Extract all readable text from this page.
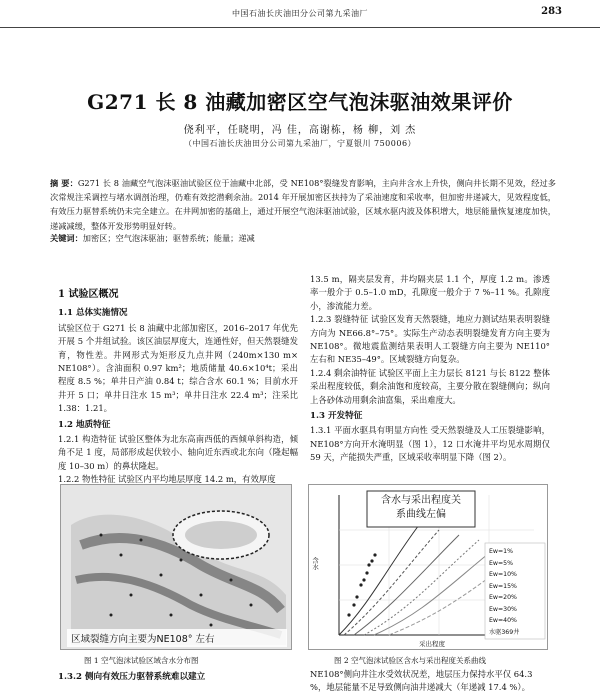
中国石油长庆油田分公司第九采油厂	283
G271 长 8 油藏加密区空气泡沫驱油效果评价
侥利平，任晓明，冯 佳，高谢栋，杨 柳，刘 杰
（中国石油长庆油田分公司第九采油厂，宁夏银川 750006）
摘 要：G271 长 8 油藏空气泡沫驱油试验区位于油藏中北部，受 NE108°裂缝发育影响，主向井含水上升快，侧向井长期不见效，经过多次常规注采调控与堵水调剖治理，仍难有效挖潜剩余油。2014 年开展加密区扶持为了采油速度和采收率，但加密井递减大，见效程度低，有效压力驱替系统仍未完全建立。在井网加密的基础上，通过开展空气泡沫驱油试验，区域水驱内波及体积增大，地层能量恢复速度加快，递减减缓，整体开发形势明显好转。
关键词：加密区；空气泡沫驱油；驱替系统；能量；递减
1 试验区概况
1.1 总体实施情况

试验区位于 G271 长 8 油藏中北部加密区，2016–2017 年优先开展 5 个井组试验。该区油层厚度大，连通性好，但天然裂缝发育，物性差。井网形式为矩形反九点井网（240m×130 m× NE108°）。含油面积 0.97 km²；地质储量 40.6×10⁴t；采出程度 8.5 %；单井日产油 0.84 t；综合含水 60.1 %；目前水开井开 5 口；单井日注水 15 m³；单井日注水 22.4 m³；注采比 1.38：1.21。

1.2 地质特征

1.2.1 构造特征 试验区整体为北东高南西低的西倾单斜构造，倾角不足 1 度，局部形成起伏较小、轴向近东西或北东向（隆起幅度 10–30 m）的鼻状隆起。

1.2.2 物性特征 试验区内平均地层厚度 14.2 m，有效厚度

13.5 m，隔夹层发育，井均隔夹层 1.1 个，厚度 1.2 m。渗透率一般介于 0.5–1.0 mD，孔隙度一般介于 7 %–11 %。孔隙度小，渗流能力差。

1.2.3 裂缝特征 试验区发育天然裂缝，地应力测试结果表明裂缝方向为 NE66.8°–75°。实际生产动态表明裂缝发育方向主要为 NE108°。微地震监测结果表明人工裂缝方向主要为 NE110° 左右和 NE35–49°。区域裂缝方向复杂。

1.2.4 剩余油特征 试验区平面上主力层长 8121 与长 8122 整体采出程度较低，剩余油饱和度较高，主要分散在裂缝侧向；纵向上各砂体动用剩余油富集，采出难度大。

1.3 开发特征

1.3.1 平面水驱具有明显方向性 受天然裂缝及人工压裂缝影响，NE108°方向开水淹明显（图 1），12 口水淹井平均见水周期仅 59 天，产能损失严重，区域采收率明显下降（图 2）。

区域裂缝方向主要为NE108° 左右
图 1 空气泡沫试验区域含水分布图
含水与采出程度关
系曲线左偏
含水
采出程度
Ew=1%
Ew=5%
Ew=10%
Ew=15%
Ew=20%
Ew=30%
Ew=40%
水驱369井
图 2 空气泡沫试验区含水与采出程度关系曲线
1.3.2 侧向有效压力驱替系统难以建立	NE108°侧向井注水受效状况差，地层压力保持水平仅 64.3 %，地层能量不足导致侧向油井递减大（年递减 17.4 %）。
